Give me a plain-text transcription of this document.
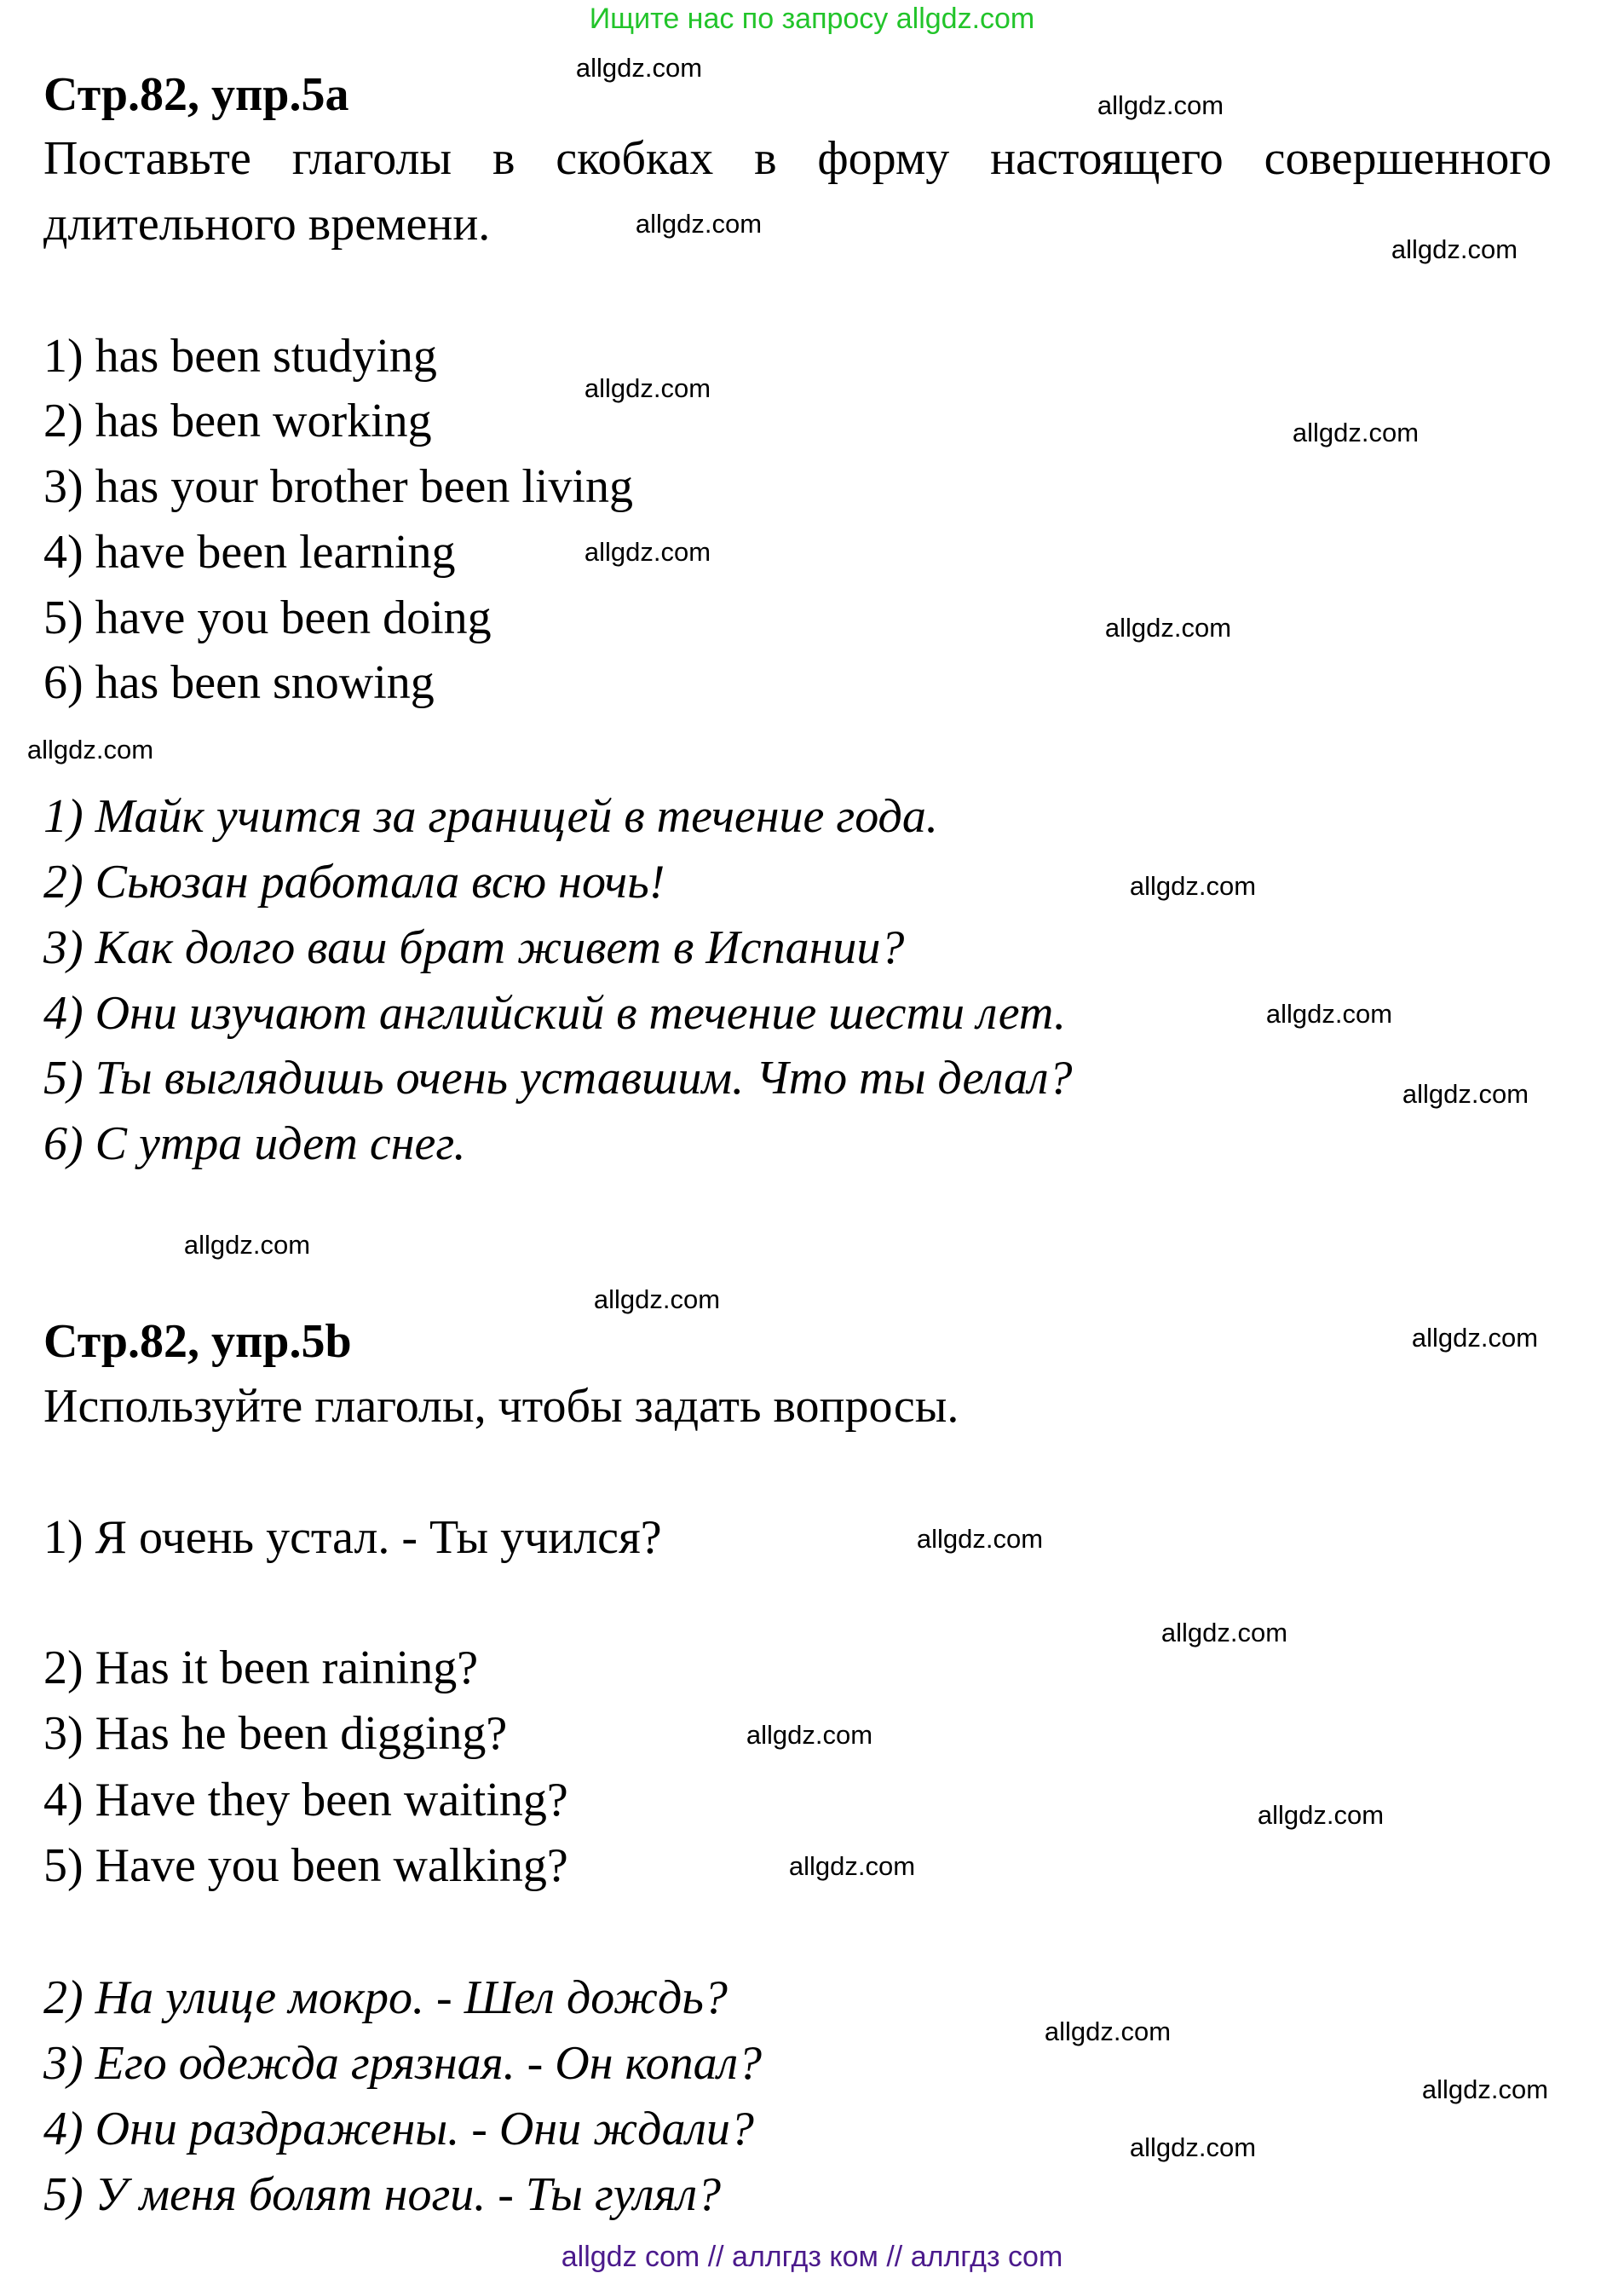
Ищите нас по запросу allgdz.com
Стр.82, упр.5a
Поставьте глаголы в скобках в форму настоящего совершенного
длительного времени.
1) has been studying
2) has been working
3) has your brother been living
4) have been learning
5) have you been doing
6) has been snowing
1) Майк учится за границей в течение года.
2) Сьюзан работала всю ночь!
3) Как долго ваш брат живет в Испании?
4) Они изучают английский в течение шести лет.
5) Ты выглядишь очень уставшим. Что ты делал?
6) С утра идет снег.
Стр.82, упр.5b
Используйте глаголы, чтобы задать вопросы.
1) Я очень устал. - Ты учился?
2) Has it been raining?
3) Has he been digging?
4) Have they been waiting?
5) Have you been walking?
2) На улице мокро. - Шел дождь?
3) Его одежда грязная. - Он копал?
4) Они раздражены. - Они ждали?
5) У меня болят ноги. - Ты гулял?
allgdz.com
allgdz.com
allgdz.com
allgdz.com
allgdz.com
allgdz.com
allgdz.com
allgdz.com
allgdz.com
allgdz.com
allgdz.com
allgdz.com
allgdz.com
allgdz.com
allgdz.com
allgdz.com
allgdz.com
allgdz.com
allgdz.com
allgdz.com
allgdz.com
allgdz.com
allgdz.com
allgdz com // аллгдз ком // аллгдз com
